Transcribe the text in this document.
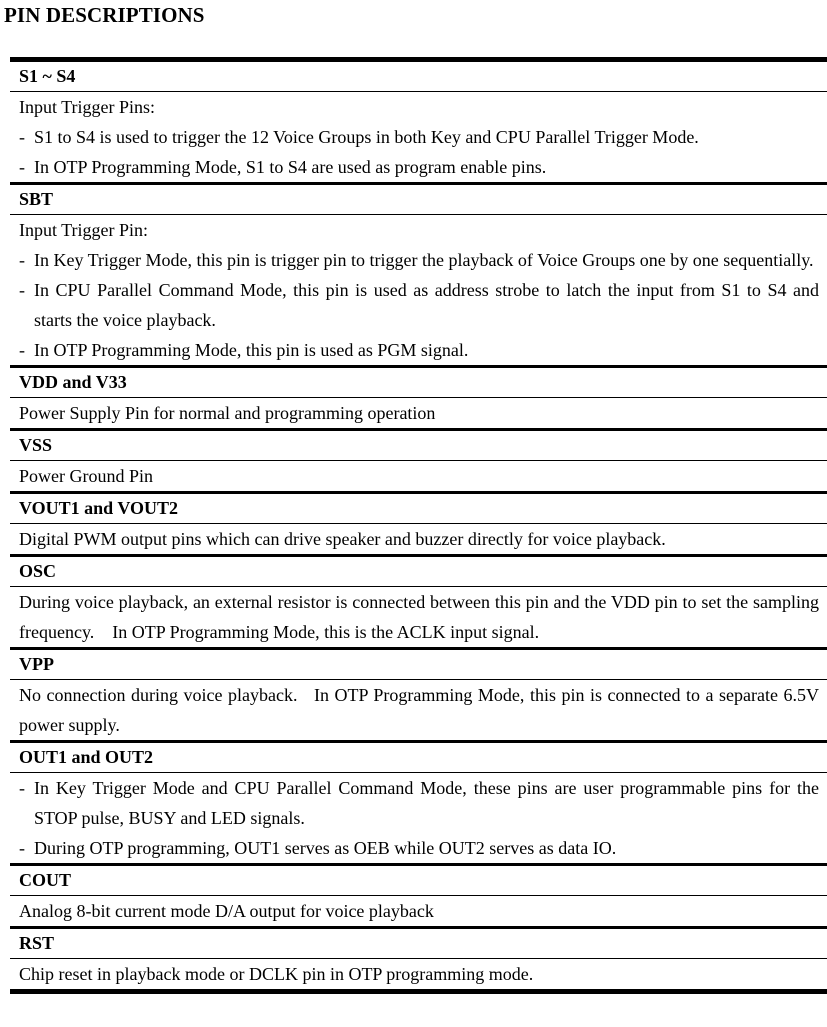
PIN DESCRIPTIONS
S1 ~ S4
Input Trigger Pins:
- S1 to S4 is used to trigger the 12 Voice Groups in both Key and CPU Parallel Trigger Mode.
- In OTP Programming Mode, S1 to S4 are used as program enable pins.
SBT
Input Trigger Pin:
- In Key Trigger Mode, this pin is trigger pin to trigger the playback of Voice Groups one by one sequentially.
- In CPU Parallel Command Mode, this pin is used as address strobe to latch the input from S1 to S4 and starts the voice playback.
- In OTP Programming Mode, this pin is used as PGM signal.
VDD and V33
Power Supply Pin for normal and programming operation
VSS
Power Ground Pin
VOUT1 and VOUT2
Digital PWM output pins which can drive speaker and buzzer directly for voice playback.
OSC
During voice playback, an external resistor is connected between this pin and the VDD pin to set the sampling frequency.    In OTP Programming Mode, this is the ACLK input signal.
VPP
No connection during voice playback.   In OTP Programming Mode, this pin is connected to a separate 6.5V power supply.
OUT1 and OUT2
- In Key Trigger Mode and CPU Parallel Command Mode, these pins are user programmable pins for the STOP pulse, BUSY and LED signals.
- During OTP programming, OUT1 serves as OEB while OUT2 serves as data IO.
COUT
Analog 8-bit current mode D/A output for voice playback
RST
Chip reset in playback mode or DCLK pin in OTP programming mode.
